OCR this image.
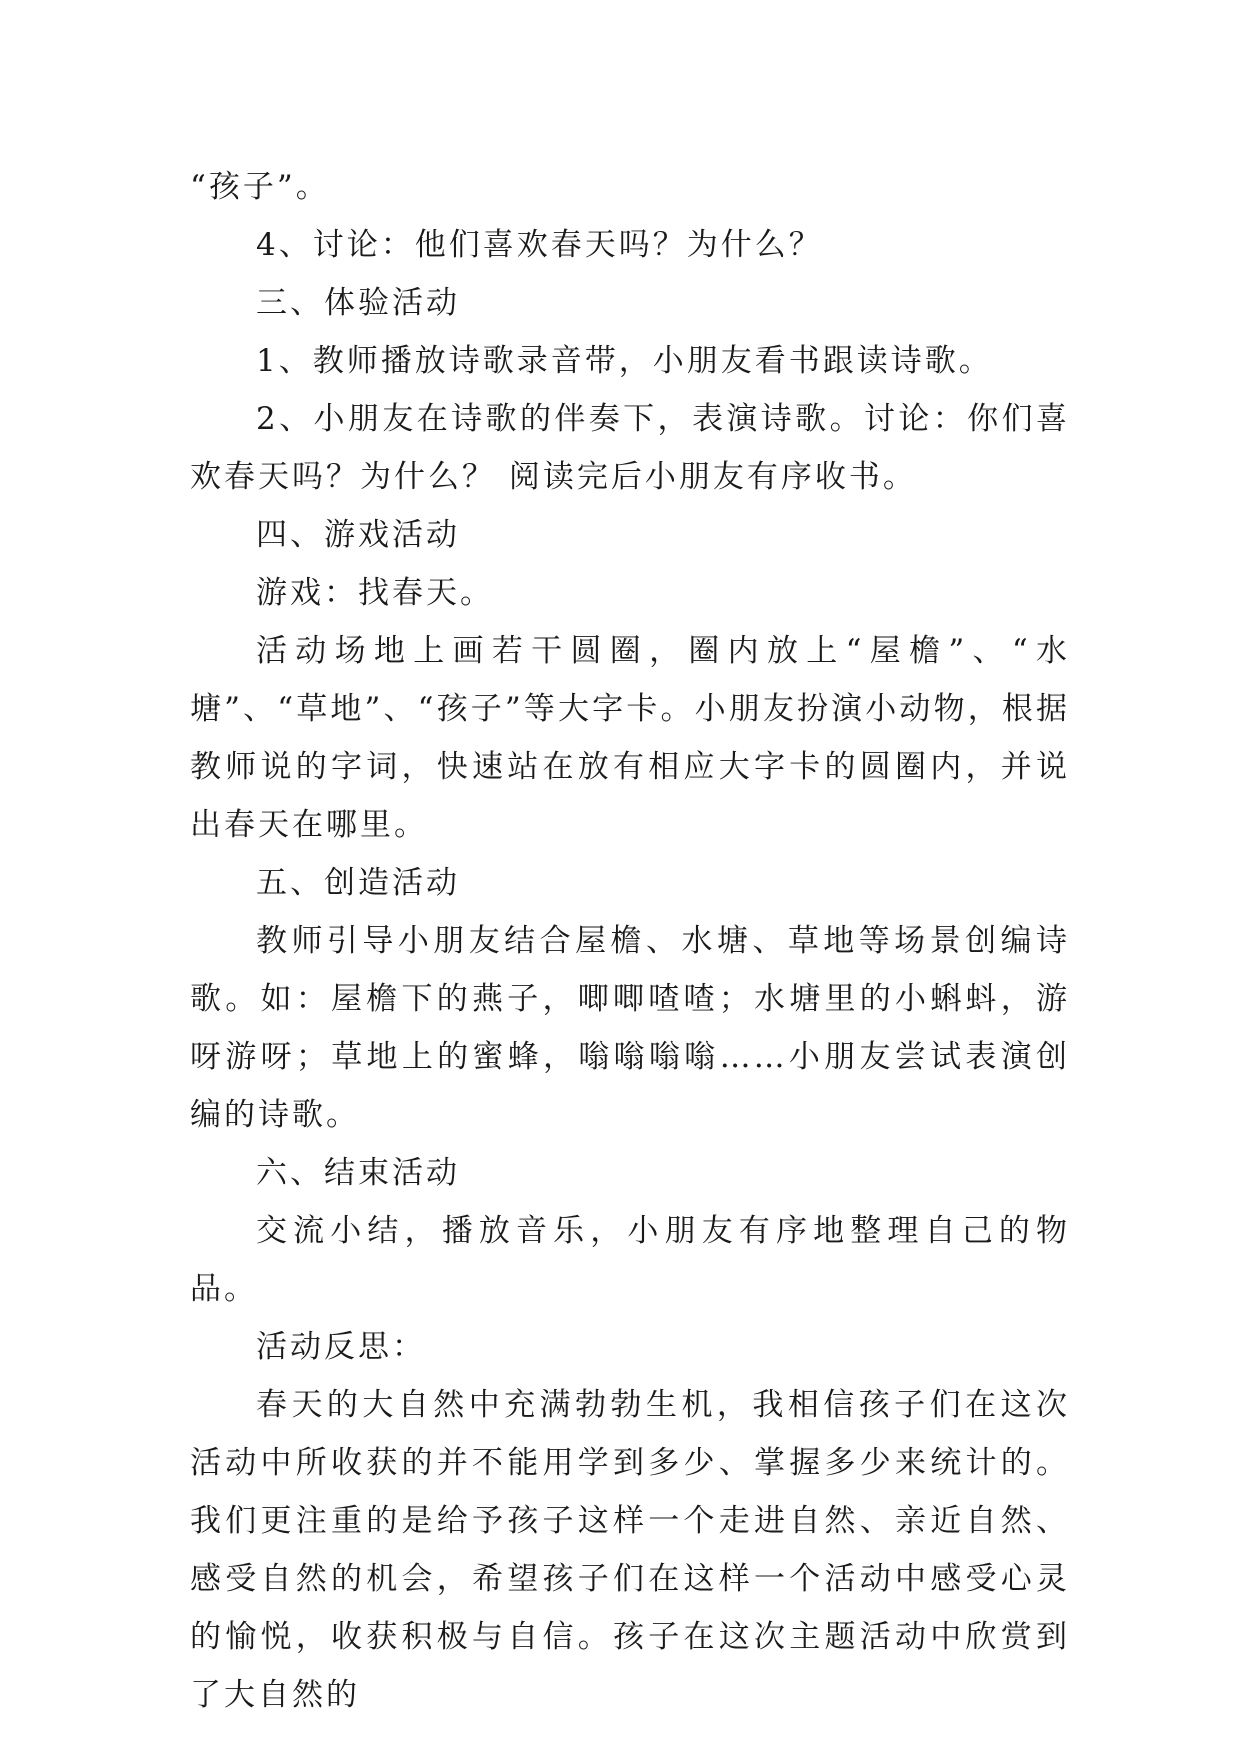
“孩子”。

4、讨论：他们喜欢春天吗？为什么？

三、体验活动

1、教师播放诗歌录音带，小朋友看书跟读诗歌。

2、小朋友在诗歌的伴奏下，表演诗歌。讨论：你们喜欢春天吗？为什么？ 阅读完后小朋友有序收书。

四、游戏活动

游戏：找春天。

活动场地上画若干圆圈，圈内放上“屋檐”、“水塘”、“草地”、“孩子”等大字卡。小朋友扮演小动物，根据教师说的字词，快速站在放有相应大字卡的圆圈内，并说出春天在哪里。

五、创造活动

教师引导小朋友结合屋檐、水塘、草地等场景创编诗歌。如：屋檐下的燕子，唧唧喳喳；水塘里的小蝌蚪，游呀游呀；草地上的蜜蜂，嗡嗡嗡嗡……小朋友尝试表演创编的诗歌。

六、结束活动

交流小结，播放音乐，小朋友有序地整理自己的物品。

活动反思：

春天的大自然中充满勃勃生机，我相信孩子们在这次活动中所收获的并不能用学到多少、掌握多少来统计的。我们更注重的是给予孩子这样一个走进自然、亲近自然、感受自然的机会，希望孩子们在这样一个活动中感受心灵的愉悦，收获积极与自信。孩子在这次主题活动中欣赏到了大自然的
